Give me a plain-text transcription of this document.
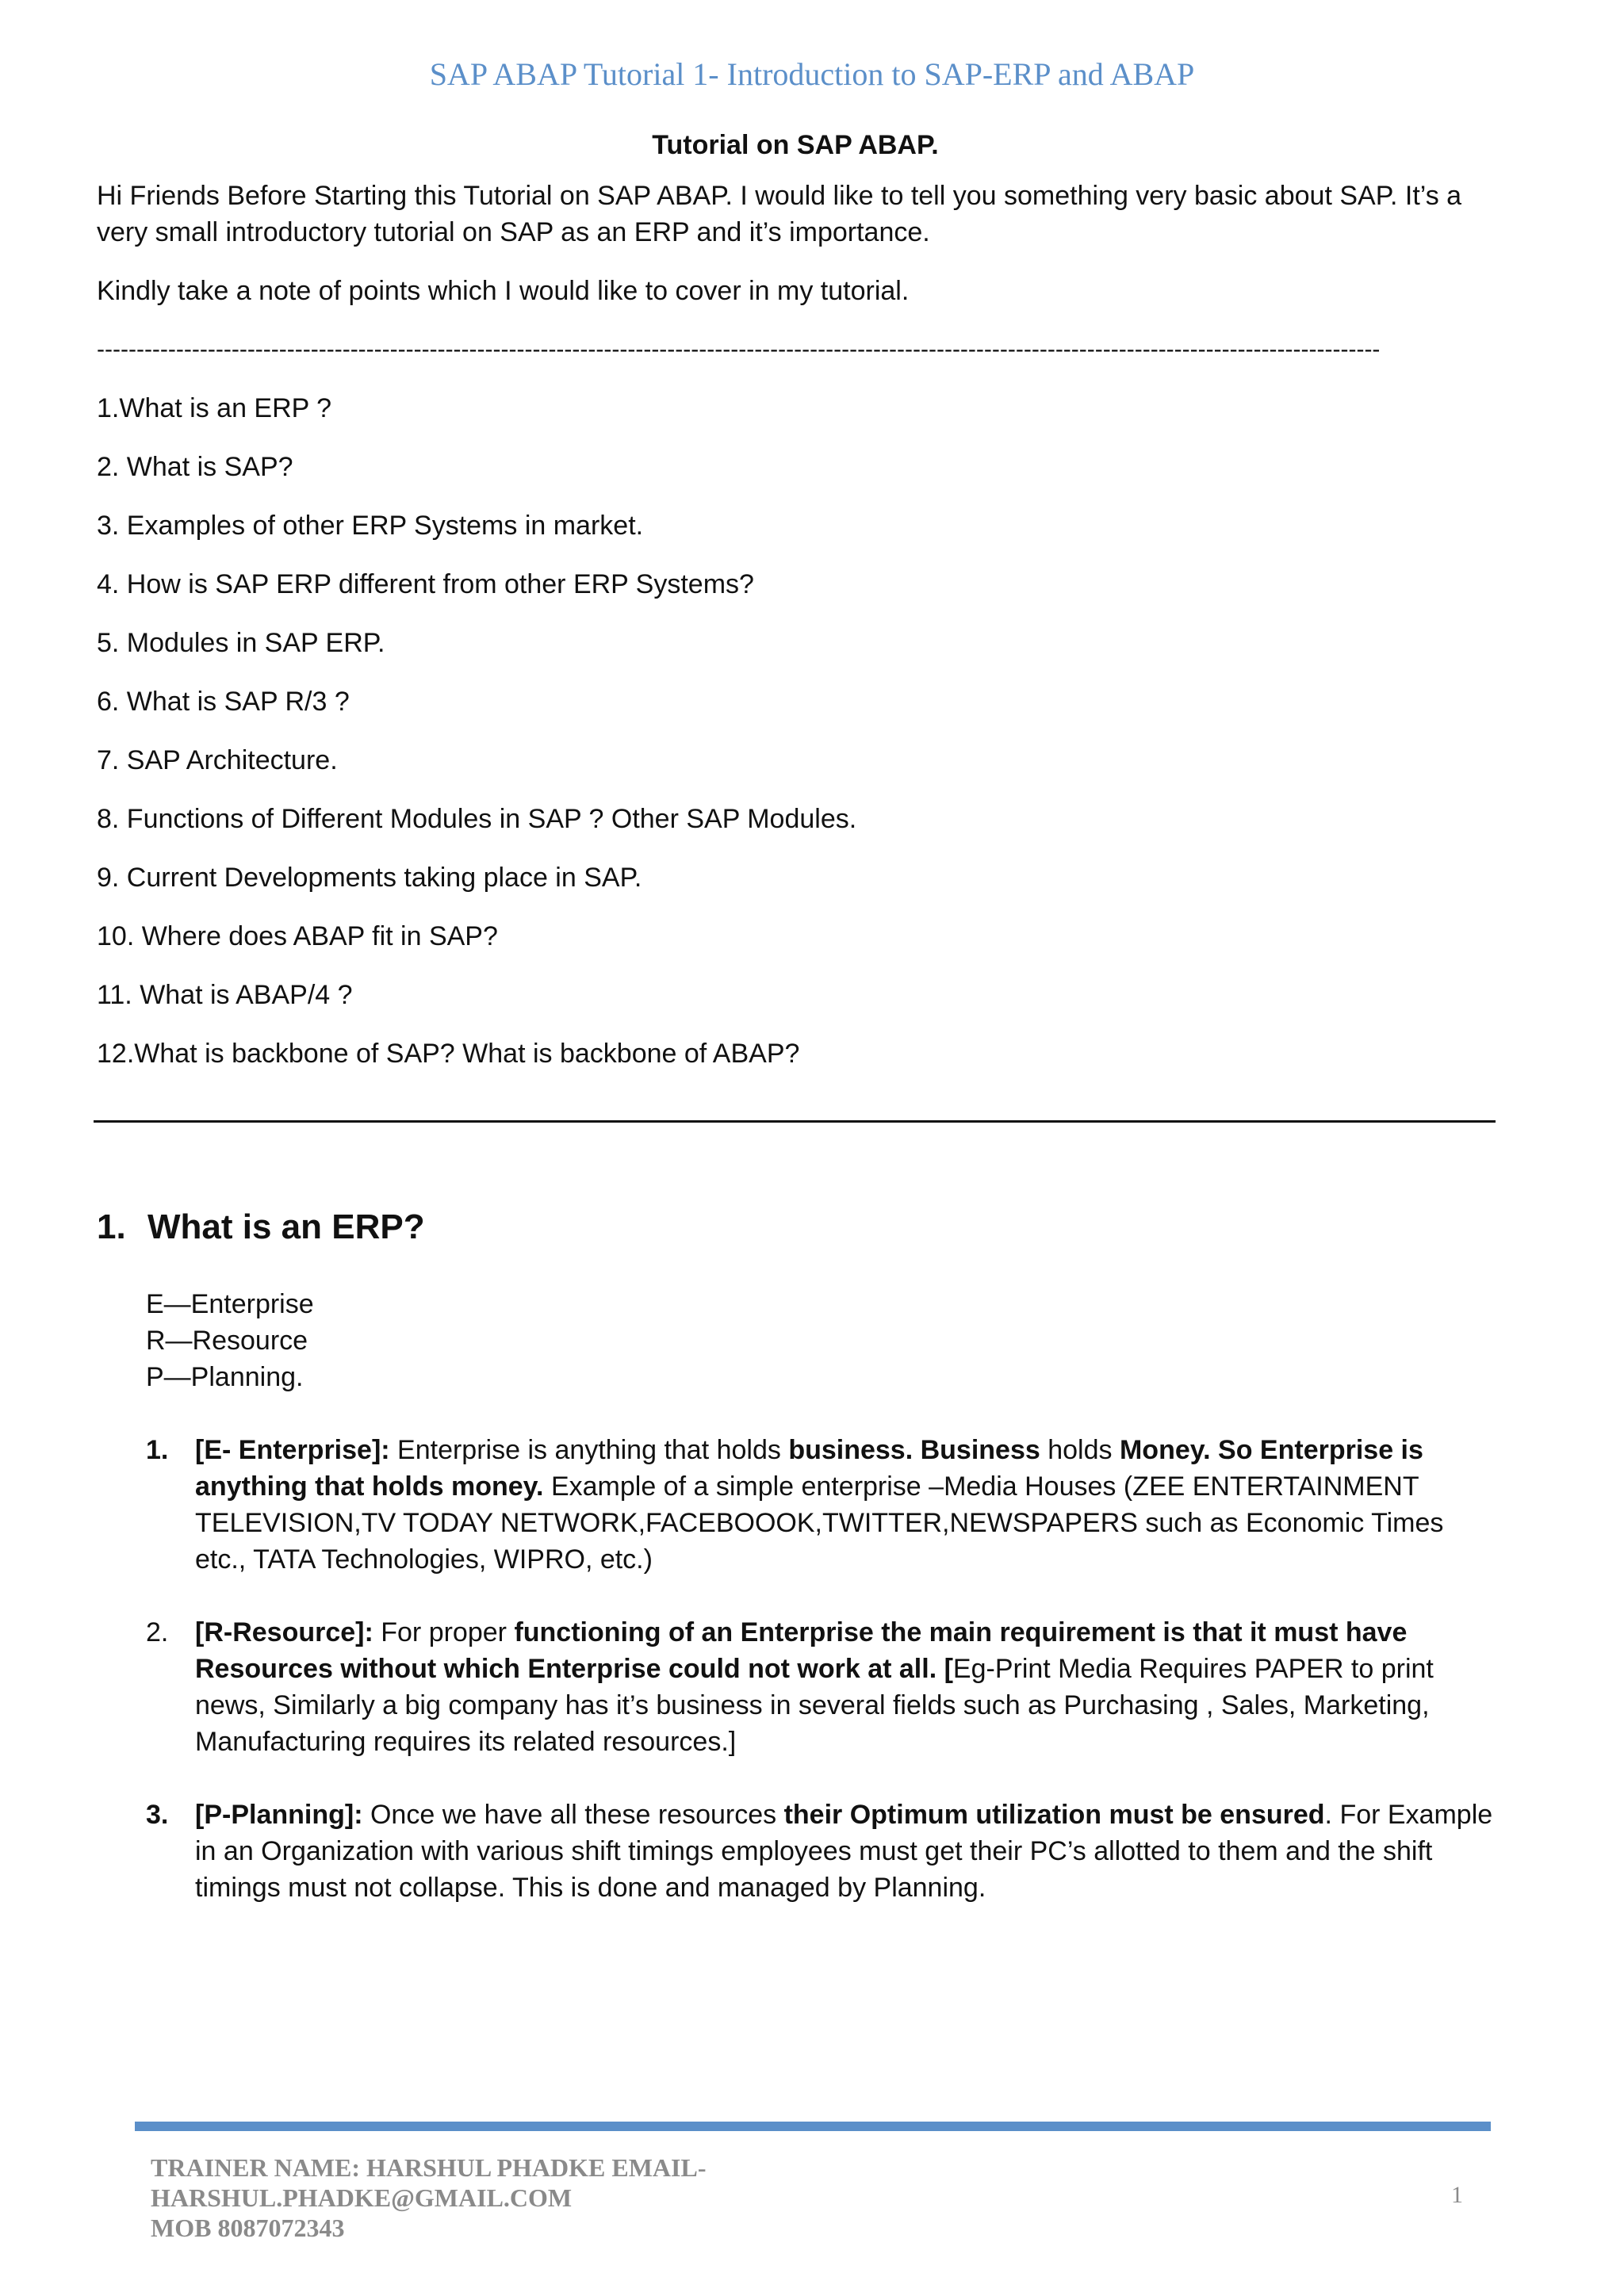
SAP ABAP Tutorial 1- Introduction to SAP-ERP and ABAP
Tutorial on SAP ABAP.
Hi Friends Before Starting this Tutorial on SAP ABAP. I would like to tell you something very basic about SAP. It’s a very small introductory tutorial on SAP as an ERP and it’s importance.
Kindly take a note of points which I would like to cover in my tutorial.
------------------------------------------------------------------------------------------------------------------------------------------------------------------
1.What is an ERP ?
2. What is SAP?
3. Examples of other ERP Systems in market.
4. How is SAP ERP different from other ERP Systems?
5. Modules in SAP ERP.
6. What is SAP R/3 ?
7. SAP Architecture.
8. Functions of Different Modules in SAP ? Other SAP Modules.
9. Current Developments taking place in SAP.
10. Where does ABAP fit in SAP?
11. What is ABAP/4 ?
12.What is backbone of SAP? What is backbone of ABAP?
1. What is an ERP?
E—Enterprise
R—Resource
P—Planning.
1. [E- Enterprise]: Enterprise is anything that holds business. Business holds Money. So Enterprise is anything that holds money. Example of a simple enterprise –Media Houses (ZEE ENTERTAINMENT TELEVISION,TV TODAY NETWORK,FACEBOOOK,TWITTER,NEWSPAPERS such as Economic Times etc., TATA Technologies, WIPRO, etc.)
2. [R-Resource]: For proper functioning of an Enterprise the main requirement is that it must have Resources without which Enterprise could not work at all. [Eg-Print Media Requires PAPER to print news, Similarly a big company has it’s business in several fields such as Purchasing , Sales, Marketing, Manufacturing requires its related resources.]
3. [P-Planning]: Once we have all these resources their Optimum utilization must be ensured. For Example in an Organization with various shift timings employees must get their PC’s allotted to them and the shift timings must not collapse. This is done and managed by Planning.
TRAINER NAME: HARSHUL PHADKE EMAIL-
HARSHUL.PHADKE@GMAIL.COM
MOB 8087072343
1
